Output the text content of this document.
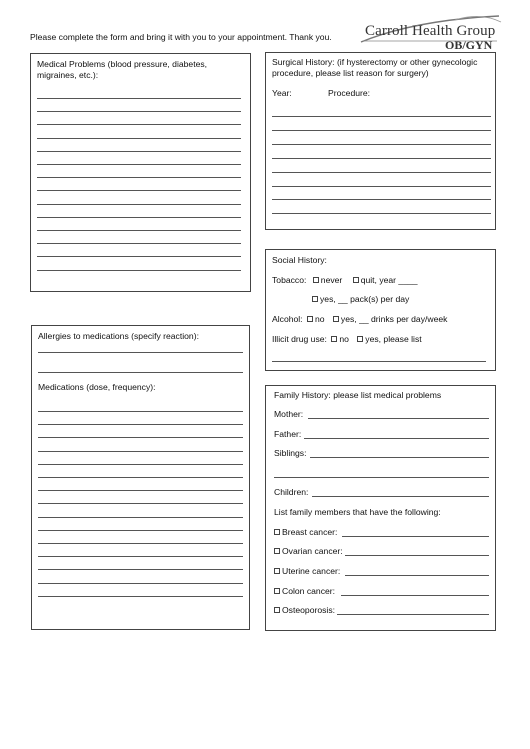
Please complete the form and bring it with you to your appointment. Thank you. Carroll Health Group
OB/GYN
Medical Problems (blood pressure, diabetes, migraines, etc.):
Surgical History: (if hysterectomy or other gynecologic procedure, please list reason for surgery)
Year:	Procedure:
Social History:
Tobacco: never quit, year ____
yes, __ pack(s) per day
Alcohol: no yes, __ drinks per day/week
Illicit drug use: no yes, please list
Allergies to medications (specify reaction):
Medications (dose, frequency):
Family History: please list medical problems
Mother:
Father:
Siblings:
Children:
List family members that have the following:
Breast cancer:
Ovarian cancer:
Uterine cancer:
Colon cancer:
Osteoporosis:
